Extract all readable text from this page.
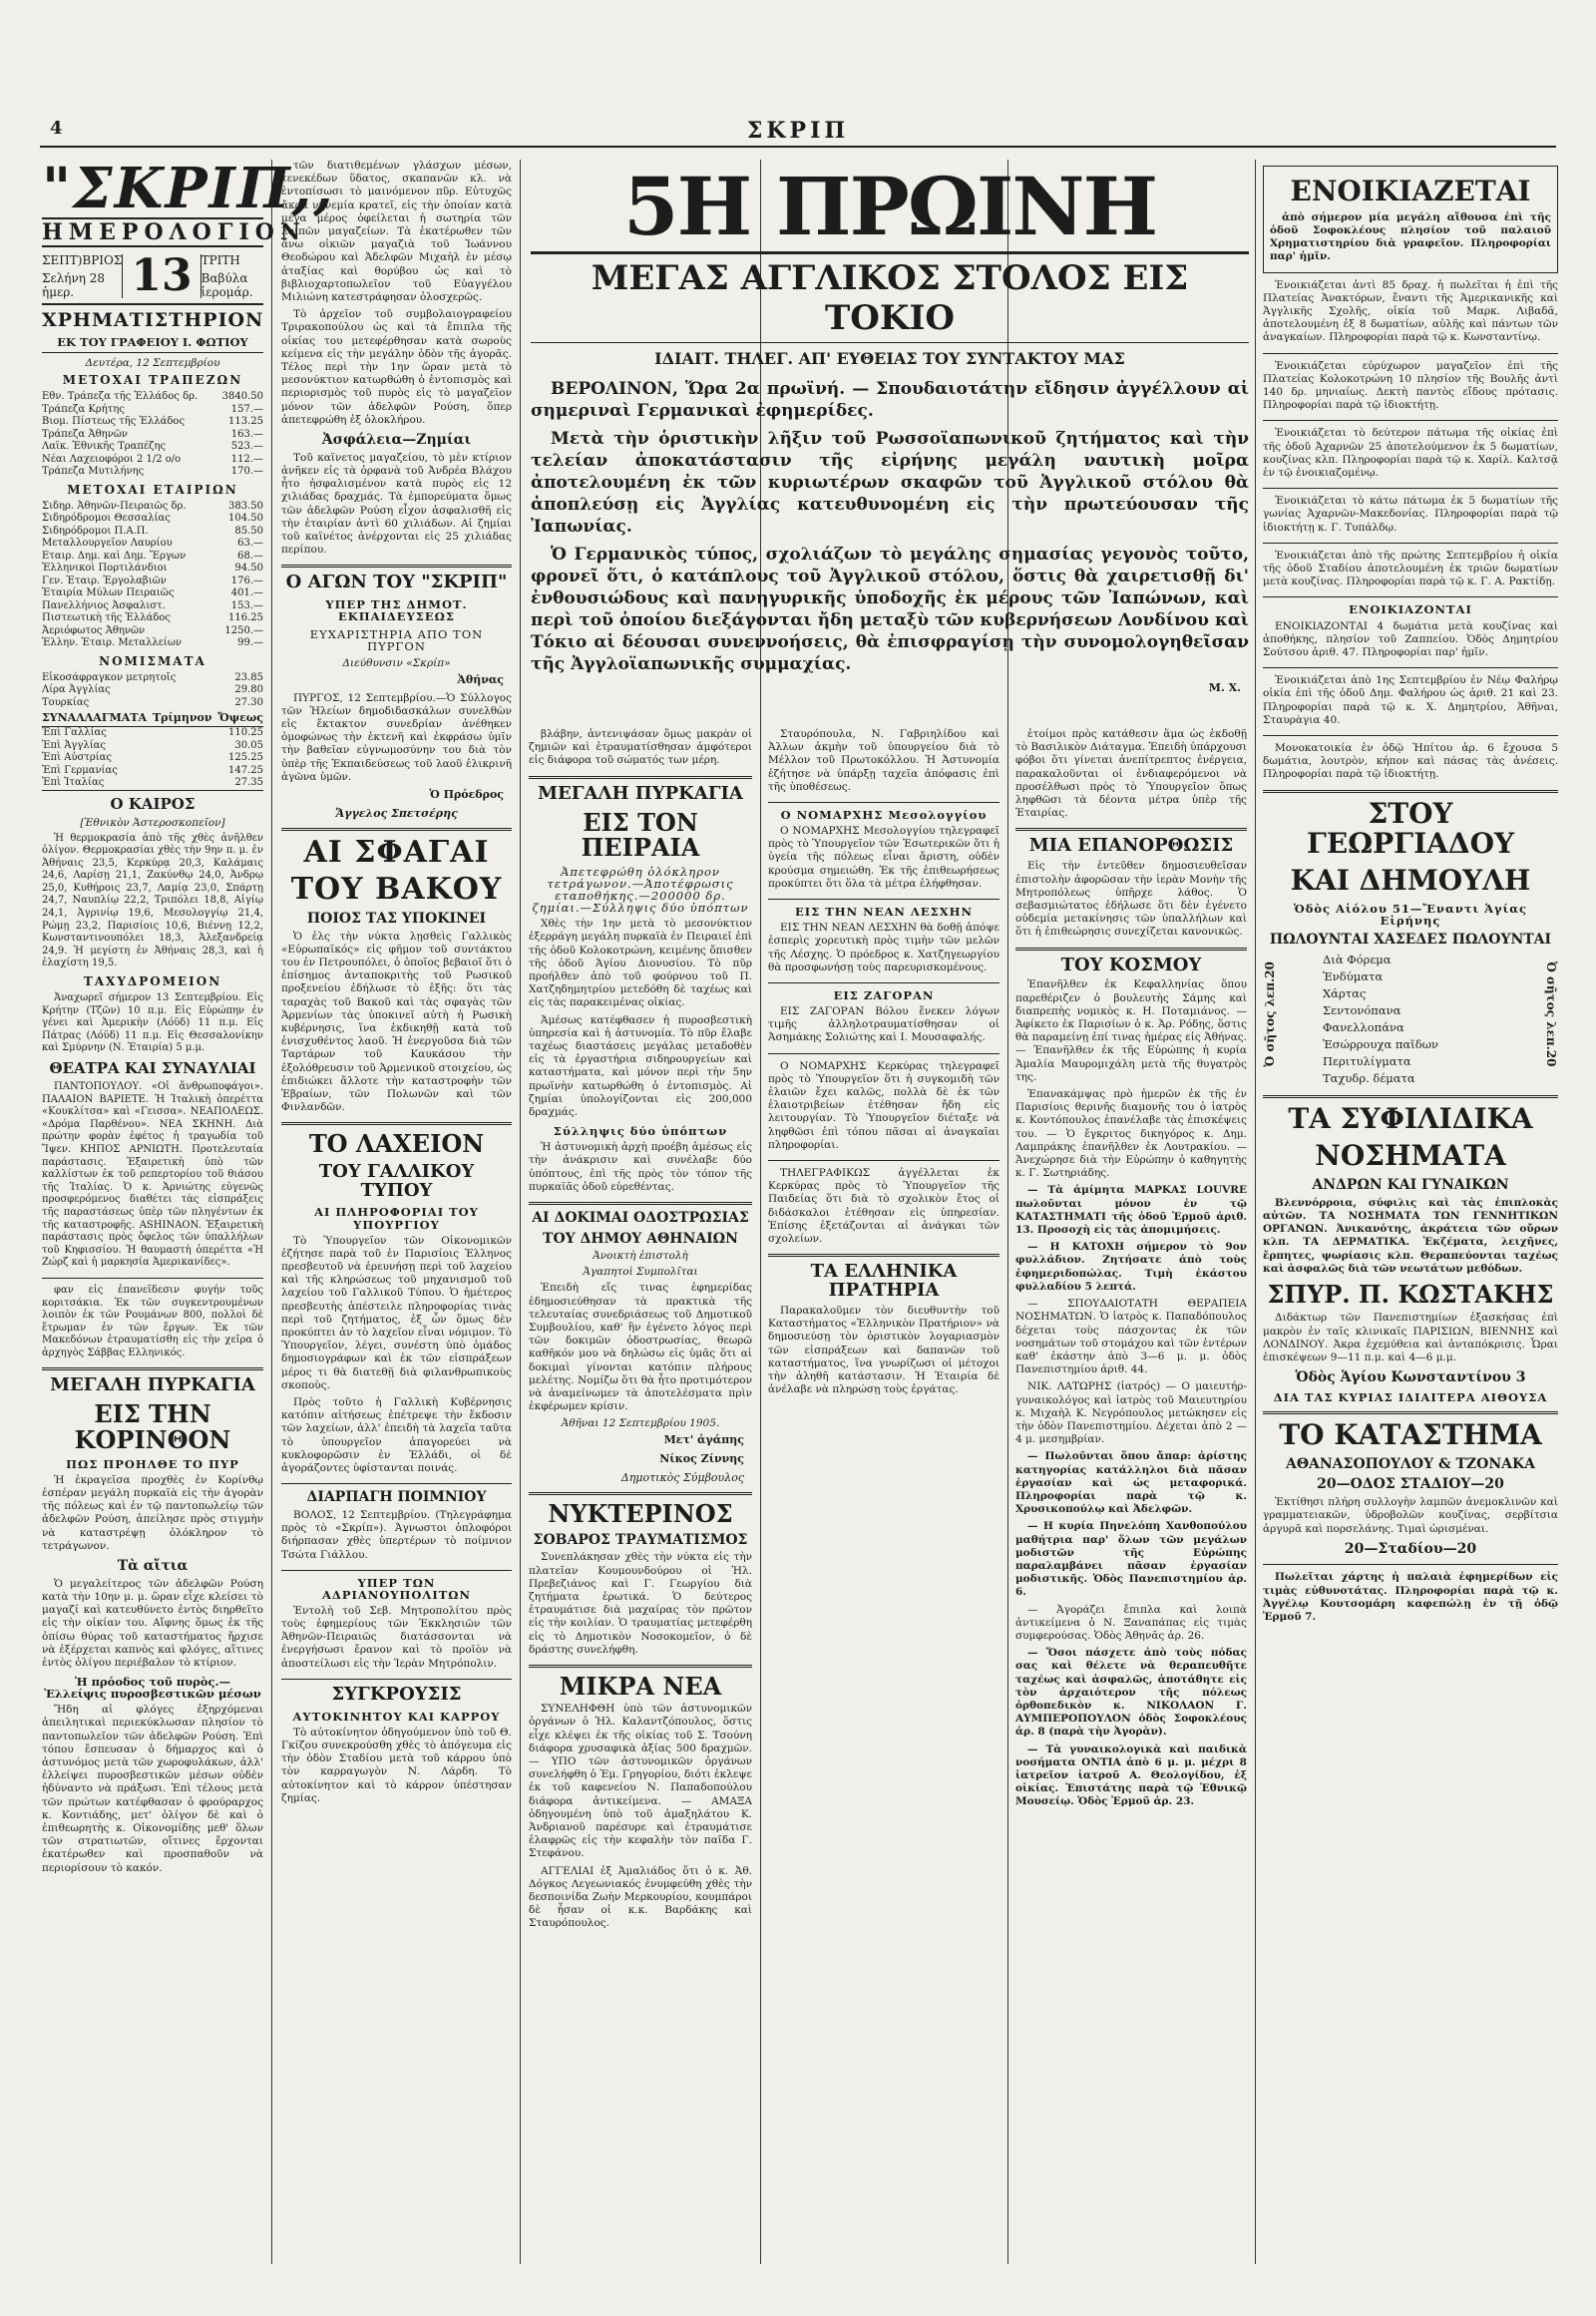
4	ΣΚΡΙΠ
"ΣΚΡΙΠ,,
ΗΜΕΡΟΛΟΓΙΟΝ
ΣΕΠΤ)ΒΡΙΟΣ
Σελήνη 28 ἡμερ.	13 ΤΡΙΤΗ
Βαβύλα ἱερομάρ.
ΧΡΗΜΑΤΙΣΤΗΡΙΟΝ
ΕΚ ΤΟΥ ΓΡΑΦΕΙΟΥ Ι. ΦΩΤΙΟΥ
Δευτέρα, 12 Σεπτεμβρίου
ΜΕΤΟΧΑΙ ΤΡΑΠΕΖΩΝ
Εθν. Τράπεζα τῆς Ἑλλάδος δρ.	3840.50
Τράπεζα Κρήτης	157.—
Βιομ. Πίστεως τῆς Ἑλλάδος	113.25
Τράπεζα Ἀθηνῶν	163.—
Λαϊκ. Ἐθνικῆς Τραπέζης	523.—
Νέαι Λαχειοφόροι 2 1/2 ο/ο	112.—
Τράπεζα Μυτιλήνης	170.—
ΜΕΤΟΧΑΙ ΕΤΑΙΡΙΩΝ
Σιδηρ. Ἀθηνῶν-Πειραιῶς δρ.	383.50
Σιδηρόδρομοι Θεσσαλίας	104.50
Σιδηρόδρομοι Π.Α.Π.	85.50
Μεταλλουργεῖον Λαυρίου	63.—
Εταιρ. Δημ. καὶ Δημ. Ἔργων	68.—
Ἑλληνικοὶ Πορτιλάνδιοι	94.50
Γεν. Ἑταιρ. Ἐργολαβιῶν	176.—
Ἑταιρία Μύλων Πειραιῶς	401.—
Πανελλήνιος Ἀσφαλιστ.	153.—
Πιστεωτικὴ τῆς Ἑλλάδος	116.25
Ἀεριόφωτος Ἀθηνῶν	1250.—
Ἑλλην. Ἑταιρ. Μεταλλείων	99.—
ΝΟΜΙΣΜΑΤΑ
Εἰκοσάφραγκον μετρητοῖς	23.85
Λίρα Ἀγγλίας	29.80
Τουρκίας	27.30
ΣΥΝΑΛΛΑΓΜΑΤΑ Τρίμηνον Ὄψεως
Ἐπὶ Γαλλίας	110.25
Ἐπὶ Ἀγγλίας	30.05
Ἐπὶ Αὐστρίας	125.25
Ἐπὶ Γερμανίας	147.25
Ἐπὶ Ἰταλίας	27.35
Ο ΚΑΙΡΟΣ
[Ἐθνικὸν Ἀστεροσκοπεῖον]

Ἡ θερμοκρασία ἀπὸ τῆς χθὲς ἀνῆλθεν ὀλίγον. Θερμοκρασίαι χθὲς τὴν 9ην π. μ. ἐν Ἀθήναις 23,5, Κερκύρᾳ 20,3, Καλάμαις 24,6, Λαρίσῃ 21,1, Ζακύνθῳ 24,0, Ἀνδρῳ 25,0, Κυθήροις 23,7, Λαμίᾳ 23,0, Σπάρτῃ 24,7, Ναυπλίῳ 22,2, Τριπόλει 18,8, Αἰγίῳ 24,1, Ἀγρινίῳ 19,6, Μεσολογγίῳ 21,4, Ρώμῃ 23,2, Παρισίοις 10,6, Βιέννῃ 12,2, Κωνσταντινουπόλει 18,3, Ἀλεξανδρείᾳ 24,9. Ἡ μεγίστη ἐν Ἀθήναις 28,3, καὶ ἡ ἐλαχίστη 19,5.

ΤΑΧΥΔΡΟΜΕΙΟΝ

Ἀναχωρεῖ σήμερον 13 Σεπτεμβρίου. Εἰς Κρήτην (Τζῶν) 10 π.μ. Εἰς Εὐρώπην ἐν γένει καὶ Ἀμερικὴν (Λόϋδ) 11 π.μ. Εἰς Πάτρας (Λόϋδ) 11 π.μ. Εἰς Θεσσαλονίκην καὶ Σμύρνην (Ν. Ἐταιρία) 5 μ.μ.

ΘΕΑΤΡΑ ΚΑΙ ΣΥΝΑΥΛΙΑΙ

ΠΑΝΤΟΠΟΥΛΟΥ. «Οἱ ἄνθρωποφάγοι». ΠΑΛΑΙΟΝ ΒΑΡΙΕΤΕ. Ἡ Ἰταλικὴ ὀπερέττα «Κουκλίτσα» καὶ «Γεισσα». ΝΕΑΠΟΛΕΩΣ. «Δρόμα Παρθένου». ΝΕΑ ΣΚΗΝΗ. Διὰ πρώτην φορὰν ἐφέτος ἡ τραγωδία τοῦ Ἴψεν. ΚΗΠΟΣ ΑΡΝΙΩΤΗ. Προτελευταία παράστασις. Ἐξαιρετικὴ ὑπὸ τῶν καλλίστων ἐκ τοῦ ρεπερτορίου τοῦ θιάσου τῆς Ἰταλίας. Ὁ κ. Ἀρνιώτης εὐγενῶς προσφερόμενος διαθέτει τὰς εἰσπράξεις τῆς παραστάσεως ὑπὲρ τῶν πληγέντων ἐκ τῆς καταστροφῆς. ASHINAON. Ἐξαιρετικὴ παράστασις πρὸς ὄφελος τῶν ὑπαλλήλων τοῦ Κηφισσίου. Ἡ θαυμαστὴ ὀπερέττα «Ἡ Ζώρζ καὶ ἡ μαρκησία Ἀμερικανίδες».

φαν εἰς ἐπανεῖδεσιν φυγήν τοῦς κοριτσάκια. Ἐκ τῶν συγκεντρουμένων λοιπὸν ἐκ τῶν Ρουμάνων 800, πολλοὶ δὲ ἔτρωμαν ἐν τῶν ἔργων. Ἐκ τῶν Μακεδόνων ἐτραυματίσθη εἰς τὴν χεῖρα ὁ ἀρχηγὸς Σάββας Ελληνικός.

ΜΕΓΑΛΗ ΠΥΡΚΑΓΙΑ
ΕΙΣ ΤΗΝ ΚΟΡΙΝΘΟΝ
ΠΩΣ ΠΡΟΗΛΘΕ ΤΟ ΠΥΡ

Ἡ ἐκραγεῖσα προχθὲς ἐν Κορίνθῳ ἐσπέραν μεγάλη πυρκαϊὰ εἰς τὴν ἀγορὰν τῆς πόλεως καὶ ἐν τῷ παντοπωλείῳ τῶν ἀδελφῶν Ρούση, ἀπείλησε πρὸς στιγμὴν νὰ καταστρέψῃ ὁλόκληρον τὸ τετράγωνον.

Τὰ αἴτια

Ὁ μεγαλείτερος τῶν ἀδελφῶν Ρούση κατὰ τὴν 10ην μ. μ. ὥραν εἶχε κλείσει τὸ μαγαζί καὶ κατευθύνετο ἐντὸς διηρθεῖτο εἰς τὴν οἰκίαν του. Αἴφνης ὅμως ἐκ τῆς ὀπίσω θύρας τοῦ καταστήματος ἤρχισε νὰ ἐξέρχεται καπνὸς καὶ φλόγες, αἵτινες ἐντὸς ὀλίγου περιέβαλον τὸ κτίριον.

Ἡ πρόοδος τοῦ πυρὸς.— Ἐλλείψις πυροσβεστικῶν μέσων

Ἤδη αἱ φλόγες ἐξηρχόμεναι ἀπειλητικαὶ περιεκύκλωσαν πλησίον τὸ παντοπωλεῖον τῶν ἀδελφῶν Ρούση. Ἐπὶ τόπου ἔσπευσαν ὁ δήμαρχος καὶ ὁ ἀστυνόμος μετὰ τῶν χωροφυλάκων, ἀλλ' ἐλλείψει πυροσβεστικῶν μέσων οὐδὲν ἠδύναντο νὰ πράξωσι. Ἐπὶ τέλους μετὰ τῶν πρώτων κατέφθασαν ὁ φρούραρχος κ. Κοντιάδης, μετ' ὀλίγον δὲ καὶ ὁ ἐπιθεωρητὴς κ. Οἰκονομίδης μεθ' ὅλων τῶν στρατιωτῶν, οἵτινες ἔρχονται ἑκατέρωθεν καὶ προσπαθοῦν νὰ περιορίσουν τὸ κακόν.

τῶν διατιθεμένων γλάσχων μέσων, τενεκέδων ὕδατος, σκαπανῶν κλ. νὰ ἐντοπίσωσι τὸ μαινόμενον πῦρ. Εὐτυχῶς ἄκρα νηνεμία κρατεῖ, εἰς τὴν ὁποίαν κατὰ μέγα μέρος ὀφείλεται ἡ σωτηρία τῶν λοιπῶν μαγαζείων. Τὰ ἑκατέρωθεν τῶν ἄνω οἰκιῶν μαγαζιὰ τοῦ Ἰωάννου Θεοδώρου καὶ Ἀδελφῶν Μιχαὴλ ἐν μέσῳ ἀταξίας καὶ θορύβου ὡς καὶ τὸ βιβλιοχαρτοπωλεῖον τοῦ Εὐαγγέλου Μιλιώνη κατεστράφησαν ὁλοσχερῶς.

Τὸ ἀρχεῖον τοῦ συμβολαιογραφείου Τριρακοπούλου ὡς καὶ τὰ ἔπιπλα τῆς οἰκίας του μετεφέρθησαν κατὰ σωροὺς κείμενα εἰς τὴν μεγάλην ὁδὸν τῆς ἀγορᾶς. Τέλος περὶ τὴν 1ην ὥραν μετὰ τὸ μεσονύκτιον κατωρθώθη ὁ ἐντοπισμὸς καὶ περιορισμὸς τοῦ πυρὸς εἰς τὸ μαγαζεῖον μόνον τῶν ἀδελφῶν Ρούση, ὅπερ ἀπετεφρώθη ἐξ ὁλοκλήρου.

Ἀσφάλεια—Ζημίαι

Τοῦ καϊνετος μαγαζείου, τὸ μὲν κτίριον ἀνῆκεν εἰς τὰ ὀρφανὰ τοῦ Ἀνδρέα Βλάχου ἦτο ἠσφαλισμένον κατὰ πυρὸς εἰς 12 χιλιάδας δραχμάς. Τὰ ἐμπορεύματα ὅμως τῶν ἀδελφῶν Ρούση εἶχον ἀσφαλισθῆ εἰς τὴν ἑταιρίαν ἀντὶ 60 χιλιάδων. Αἱ ζημίαι τοῦ καϊνέτος ἀνέρχονται εἰς 25 χιλιάδας περίπου.

Ο ΑΓΩΝ ΤΟΥ "ΣΚΡΙΠ"
ΥΠΕΡ ΤΗΣ ΔΗΜΟΤ. ΕΚΠΑΙΔΕΥΣΕΩΣ
ΕΥΧΑΡΙΣΤΗΡΙΑ ΑΠΟ ΤΟΝ ΠΥΡΓΟΝ
Διεύθυνσιν «Σκρίπ»
Ἀθήνας

ΠΥΡΓΟΣ, 12 Σεπτεμβρίου.—Ὁ Σύλλογος τῶν Ἠλείων δημοδιδασκάλων συνελθὼν εἰς ἔκτακτον συνεδρίαν ἀνέθηκεν ὁμοφώνως τὴν ἐκτενῆ καὶ ἐκφράσω ὑμῖν τὴν βαθεῖαν εὐγνωμοσύνην του διὰ τὸν ὑπὲρ τῆς Ἐκπαιδεύσεως τοῦ λαοῦ ἐλικρινῆ ἀγῶνα ὑμῶν.

Ὁ Πρόεδρος
Ἄγγελος Σπετσέρης
ΑΙ ΣΦΑΓΑΙ
ΤΟΥ ΒΑΚΟΥ
ΠΟΙΟΣ ΤΑΣ ΥΠΟΚΙΝΕΙ

Ὁ ἐλς τὴν νύκτα λῃσθεὶς Γαλλικὸς «Εὐρωπαϊκός» εἰς φῆμον τοῦ συντάκτου του ἐν Πετρουπόλει, ὁ ὁποῖος βεβαιοῖ ὅτι ὁ ἐπίσημος ἀνταποκριτὴς τοῦ Ρωσικοῦ προξενείου ἐδήλωσε τὸ ἑξῆς: ὅτι τὰς ταραχὰς τοῦ Βακοῦ καὶ τὰς σφαγὰς τῶν Ἀρμενίων τὰς ὑποκινεῖ αὐτὴ ἡ Ρωσικὴ κυβέρνησις, ἵνα ἐκδικηθῇ κατὰ τοῦ ἐνισχυθέντος λαοῦ. Ἡ ἐνεργοῦσα διὰ τῶν Ταρτάρων τοῦ Καυκάσου τὴν ἐξολόθρευσιν τοῦ Ἀρμενικοῦ στοιχείου, ὡς ἐπιδιώκει ἄλλοτε τὴν καταστροφὴν τῶν Ἑβραίων, τῶν Πολωνῶν καὶ τῶν Φινλανδῶν.

ΤΟ ΛΑΧΕΙΟΝ
ΤΟΥ ΓΑΛΛΙΚΟΥ ΤΥΠΟΥ
ΑΙ ΠΛΗΡΟΦΟΡΙΑΙ ΤΟΥ ΥΠΟΥΡΓΙΟΥ

Τὸ Ὑπουργεῖον τῶν Οἰκονομικῶν ἐζήτησε παρὰ τοῦ ἐν Παρισίοις Ἑλληνος πρεσβευτοῦ νὰ ἐρευνήσῃ περὶ τοῦ λαχείου καὶ τῆς κληρώσεως τοῦ μηχανισμοῦ τοῦ λαχείου τοῦ Γαλλικοῦ Τύπου. Ὁ ἡμέτερος πρεσβευτὴς ἀπέστειλε πληροφορίας τινὰς περὶ τοῦ ζητήματος, ἐξ ὧν ὅμως δὲν προκύπτει ἀν τὸ λαχεῖον εἶναι νόμιμον. Τὸ Ὑπουργεῖον, λέγει, συνέστη ὑπὸ ὁμάδος δημοσιογράφων καὶ ἐκ τῶν εἰσπράξεων μέρος τι θὰ διατεθῇ διὰ φιλανθρωπικοὺς σκοποὺς.

Πρὸς τοῦτο ἡ Γαλλικὴ Κυβέρνησις κατόπιν αἰτήσεως ἐπέτρεψε τὴν ἔκδοσιν τῶν λαχείων, ἀλλ' ἐπειδὴ τὰ λαχεῖα ταῦτα τὸ ὑπουργεῖον ἀπαγορεύει νὰ κυκλοφορῶσιν ἐν Ἑλλάδι, οἱ δὲ ἀγοράζοντες ὑφίστανται ποινάς.

ΔΙΑΡΠΑΓΗ ΠΟΙΜΝΙΟΥ

ΒΟΛΟΣ, 12 Σεπτεμβρίου. (Τηλεγράφημα πρὸς τὸ «Σκρίπ»). Ἀγνωστοι ὁπλοφόροι διήρπασαν χθὲς ὑπερτέρων τὸ ποίμνιον Τσώτα Γιάλλου.

ΥΠΕΡ ΤΩΝ ΑΔΡΙΑΝΟΥΠΟΛΙΤΩΝ

Ἐντολὴ τοῦ Σεβ. Μητροπολίτου πρὸς τοὺς ἐφημερίους τῶν Ἐκκλησιῶν τῶν Ἀθηνῶν-Πειραιῶς διατάσσονται νὰ ἐνεργήσωσι ἔρανον καὶ τὸ προϊὸν νὰ ἀποστείλωσι εἰς τὴν Ἱερὰν Μητρόπολιν.

ΣΥΓΚΡΟΥΣΙΣ
ΑΥΤΟΚΙΝΗΤΟΥ ΚΑΙ ΚΑΡΡΟΥ

Τὸ αὐτοκίνητον ὁδηγούμενον ὑπὸ τοῦ Θ. Γκίζου συνεκρούσθη χθὲς τὸ ἀπόγευμα εἰς τὴν ὁδὸν Σταδίου μετὰ τοῦ κάρρου ὑπὸ τὸν καρραγωγὸν Ν. Λάρδη. Τὸ αὐτοκίνητον καὶ τὸ κάρρον ὑπέστησαν ζημίας.

5Η ΠΡΩΙΝΗ
ΜΕΓΑΣ ΑΓΓΛΙΚΟΣ ΣΤΟΛΟΣ ΕΙΣ ΤΟΚΙΟ
ΙΔΙΑΙΤ. ΤΗΛΕΓ. ΑΠ' ΕΥΘΕΙΑΣ ΤΟΥ ΣΥΝΤΑΚΤΟΥ ΜΑΣ

ΒΕΡΟΛΙΝΟΝ, Ὥρα 2α πρωϊνή. — Σπουδαιοτάτην εἴδησιν ἀγγέλλουν αἱ σημεριναὶ Γερμανικαὶ ἐφημερίδες.

Μετὰ τὴν ὁριστικὴν λῆξιν τοῦ Ρωσσοϊαπωνικοῦ ζητήματος καὶ τὴν τελείαν ἀποκατάστασιν τῆς εἰρήνης μεγάλη ναυτικὴ μοῖρα ἀποτελουμένη ἐκ τῶν κυριωτέρων σκαφῶν τοῦ Ἀγγλικοῦ στόλου θὰ ἀποπλεύσῃ εἰς Ἀγγλίας κατευθυνομένη εἰς τὴν πρωτεύουσαν τῆς Ἰαπωνίας.

Ὁ Γερμανικὸς τύπος, σχολιάζων τὸ μεγάλης σημασίας γεγονὸς τοῦτο, φρονεῖ ὅτι, ὁ κατάπλους τοῦ Ἀγγλικοῦ στόλου, ὅστις θὰ χαιρετισθῇ δι' ἐνθουσιώδους καὶ πανηγυρικῆς ὑποδοχῆς ἐκ μέρους τῶν Ἰαπώνων, καὶ περὶ τοῦ ὁποίου διεξάγονται ἤδη μεταξὺ τῶν κυβερνήσεων Λονδίνου καὶ Τόκιο αἱ δέουσαι συνεννοήσεις, θὰ ἐπισφραγίσῃ τὴν συνομολογηθεῖσαν τῆς Ἀγγλοϊαπωνικῆς συμμαχίας.

Μ. Χ.

βλάβην, ἀντενιψάσαν ὅμως μακρὰν οἱ ζημιῶν καὶ ἐτραυματίσθησαν ἀμφότεροι εἰς διάφορα τοῦ σώματός των μέρη.

ΜΕΓΑΛΗ ΠΥΡΚΑΓΙΑ
ΕΙΣ ΤΟΝ ΠΕΙΡΑΙΑ
Ἀπετεφρώθη ὁλόκληρον τετράγωνον.—Ἀποτέφρωσις εταποθήκης.—200000 δρ. ζημίαι.—Σύλληψις δύο ὑπόπτων

Χθὲς τὴν 1ην μετὰ τὸ μεσονύκτιον ἐξερράγη μεγάλη πυρκαϊὰ ἐν Πειραιεῖ ἐπὶ τῆς ὁδοῦ Κολοκοτρώνη, κειμένης ὄπισθεν τῆς ὁδοῦ Ἁγίου Διονυσίου. Τὸ πῦρ προήλθεν ἀπὸ τοῦ φούρνου τοῦ Π. Χατζηδημητρίου μετεδόθη δὲ ταχέως καὶ εἰς τὰς παρακειμένας οἰκίας.

Ἀμέσως κατέφθασεν ἡ πυροσβεστικὴ ὑπηρεσία καὶ ἡ ἀστυνομία. Τὸ πῦρ ἔλαβε ταχέως διαστάσεις μεγάλας μεταδοθὲν εἰς τὰ ἐργαστήρια σιδηρουργείων καὶ καταστήματα, καὶ μόνον περὶ τὴν 5ην πρωϊνὴν κατωρθώθη ὁ ἐντοπισμὸς. Αἱ ζημίαι ὑπολογίζονται εἰς 200,000 δραχμάς.

Σύλληψις δύο ὑπόπτων

Ἡ ἀστυνομικὴ ἀρχὴ προέβη ἀμέσως εἰς τὴν ἀνάκρισιν καὶ συνέλαβε δύο ὑπόπτους, ἐπὶ τῆς πρὸς τὸν τόπον τῆς πυρκαϊᾶς ὁδοῦ εὑρεθέντας.

ΑΙ ΔΟΚΙΜΑΙ ΟΔΟΣΤΡΩΣΙΑΣ
ΤΟΥ ΔΗΜΟΥ ΑΘΗΝΑΙΩΝ
Ἀνοικτὴ ἐπιστολὴ
Ἀγαπητοὶ Συμπολῖται

Ἐπειδὴ εἴς τινας ἐφημερίδας ἐδημοσιεύθησαν τὰ πρακτικὰ τῆς τελευταίας συνεδριάσεως τοῦ Δημοτικοῦ Συμβουλίου, καθ' ἣν ἐγένετο λόγος περὶ τῶν δοκιμῶν ὁδοστρωσίας, θεωρῶ καθῆκόν μου νὰ δηλώσω εἰς ὑμᾶς ὅτι αἱ δοκιμαὶ γίνονται κατόπιν πλήρους μελέτης. Νομίζω ὅτι θὰ ἦτο προτιμότερον νὰ ἀναμείνωμεν τὰ ἀποτελέσματα πρὶν ἐκφέρωμεν κρίσιν.

Ἀθῆναι 12 Σεπτεμβρίου 1905.
Μετ' ἀγάπης
Νίκος Ζίννης
Δημοτικὸς Σύμβουλος
ΝΥΚΤΕΡΙΝΟΣ
ΣΟΒΑΡΟΣ ΤΡΑΥΜΑΤΙΣΜΟΣ

Συνεπλάκησαν χθὲς τὴν νύκτα εἰς τὴν πλατεῖαν Κουμουνδούρου οἱ Ἠλ. Πρεβεζιάνος καὶ Γ. Γεωργίου διὰ ζητήματα ἐρωτικά. Ὁ δεύτερος ἐτραυμάτισε διὰ μαχαίρας τὸν πρῶτον εἰς τὴν κοιλίαν. Ὁ τραυματίας μετεφέρθη εἰς τὸ Δημοτικὸν Νοσοκομεῖον, ὁ δὲ δράστης συνελήφθη.

ΜΙΚΡΑ ΝΕΑ

ΣΥΝΕΛΗΦΘΗ ὑπὸ τῶν ἀστυνομικῶν ὀργάνων ὁ Ἠλ. Καλαντζόπουλος, ὅστις εἶχε κλέψει ἐκ τῆς οἰκίας τοῦ Σ. Τσούνη διάφορα χρυσαφικὰ ἀξίας 500 δραχμῶν. — ΥΠΟ τῶν ἀστυνομικῶν ὀργάνων συνελήφθη ὁ Ἐμ. Γρηγορίου, διότι ἐκλεψε ἐκ τοῦ καφενείου Ν. Παπαδοπούλου διάφορα ἀντικείμενα. — ΑΜΑΞΑ ὁδηγουμένη ὑπὸ τοῦ ἁμαξηλάτου Κ. Ἀνδριανοῦ παρέσυρε καὶ ἐτραυμάτισε ἐλαφρῶς εἰς τὴν κεφαλὴν τὸν παῖδα Γ. Στεφάνου.

ΑΓΓΕΛΙΑΙ ἐξ Ἀμαλιάδος ὅτι ὁ κ. Ἀθ. Δόγκος Λεγεωνιακός ἐνυμφεύθη χθὲς τὴν δεσποινίδα Ζωὴν Μερκουρίου, κουμπάροι δὲ ἦσαν οἱ κ.κ. Βαρδάκης καὶ Σταυρόπουλος.

Σταυρόπουλα, Ν. Γαβριηλίδου καὶ Ἀλλων ἀκμὴν τοῦ ὑπουργείου διὰ τὸ Μέλλον τοῦ Πρωτοκόλλου. Ἡ Ἀστυνομία ἐζήτησε νὰ ὑπάρξῃ ταχεῖα ἀπόφασις ἐπὶ τῆς ὑποθέσεως.

Ο ΝΟΜΑΡΧΗΣ Μεσολογγίου

Ο ΝΟΜΑΡΧΗΣ Μεσολογγίου τηλεγραφεῖ πρὸς τὸ Ὑπουργεῖον τῶν Ἐσωτερικῶν ὅτι ἡ ὑγεία τῆς πόλεως εἶναι ἄριστη, οὐδὲν κρούσμα σημειώθη. Ἐκ τῆς ἐπιθεωρήσεως προκύπτει ὅτι ὅλα τὰ μέτρα ἐλήφθησαν.

ΕΙΣ ΤΗΝ ΝΕΑΝ ΛΕΣΧΗΝ

ΕΙΣ ΤΗΝ ΝΕΑΝ ΛΕΣΧΗΝ θὰ δοθῇ ἀπόψε ἐσπερὶς χορευτικὴ πρὸς τιμὴν τῶν μελῶν τῆς Λέσχης. Ὁ πρόεδρος κ. Χατζηγεωργίου θὰ προσφωνήσῃ τοὺς παρευρισκομένους.

ΕΙΣ ΖΑΓΟΡΑΝ

ΕΙΣ ΖΑΓΟΡΑΝ Βόλου ἕνεκεν λόγων τιμῆς ἀλληλοτραυματίσθησαν οἱ Ἀσημάκης Σολιώτης καὶ Ι. Μουσαφαλής.

Ο ΝΟΜΑΡΧΗΣ Κερκύρας τηλεγραφεῖ πρὸς τὸ Ὑπουργεῖον ὅτι ἡ συγκομιδὴ τῶν ἐλαιῶν ἔχει καλῶς, πολλὰ δὲ ἐκ τῶν ἐλαιοτριβείων ἐτέθησαν ἤδη εἰς λειτουργίαν. Τὸ Ὑπουργεῖον διέταξε νὰ ληφθῶσι ἐπὶ τόπου πᾶσαι αἱ ἀναγκαῖαι πληροφορίαι.

ΤΗΛΕΓΡΑΦΙΚΩΣ ἀγγέλλεται ἐκ Κερκύρας πρὸς τὸ Ὑπουργεῖον τῆς Παιδείας ὅτι διὰ τὸ σχολικὸν ἔτος οἱ διδάσκαλοι ἐτέθησαν εἰς ὑπηρεσίαν. Ἐπίσης ἐξετάζονται αἱ ἀνάγκαι τῶν σχολείων.

ΤΑ ΕΛΛΗΝΙΚΑ ΠΡΑΤΗΡΙΑ

Παρακαλοῦμεν τὸν διευθυντὴν τοῦ Καταστήματος «Ἑλληνικὸν Πρατήριον» νὰ δημοσιεύσῃ τὸν ὁριστικὸν λογαριασμὸν τῶν εἰσπράξεων καὶ δαπανῶν τοῦ καταστήματος, ἵνα γνωρίζωσι οἱ μέτοχοι τὴν ἀληθῆ κατάστασιν. Ἡ Ἐταιρία δὲ ἀνέλαβε νὰ πληρώσῃ τοὺς ἐργάτας.

ἑτοίμοι πρὸς κατάθεσιν ἅμα ὡς ἐκδοθῇ τὸ Βασιλικὸν Διάταγμα. Ἐπειδὴ ὑπάρχουσι φόβοι ὅτι γίνεται ἀνεπίτρεπτος ἐνέργεια, παρακαλοῦνται οἱ ἐνδιαφερόμενοι νὰ προσέλθωσι πρὸς τὸ Ὑπουργεῖον ὅπως ληφθῶσι τὰ δέοντα μέτρα ὑπὲρ τῆς Ἐταιρίας.

ΜΙΑ ΕΠΑΝΟΡΘΩΣΙΣ

Εἰς τὴν ἐντεῦθεν δημοσιευθεῖσαν ἐπιστολὴν ἀφορῶσαν τὴν ἱερὰν Μονὴν τῆς Μητροπόλεως ὑπῆρχε λάθος. Ὁ σεβασμιώτατος ἐδήλωσε ὅτι δὲν ἐγένετο οὐδεμία μετακίνησις τῶν ὑπαλλήλων καὶ ὅτι ἡ ἐπιθεώρησις συνεχίζεται κανονικῶς.

ΤΟΥ ΚΟΣΜΟΥ

Ἐπανῆλθεν ἐκ Κεφαλληνίας ὅπου παρεθέριζεν ὁ βουλευτὴς Σάμης καὶ διαπρεπὴς νομικὸς κ. Η. Ποταμιάνος. — Ἀφίκετο ἐκ Παρισίων ὁ κ. Ἀρ. Ρόδης, ὅστις θὰ παραμείνῃ ἐπί τινας ἡμέρας εἰς Ἀθήνας. — Ἐπανῆλθεν ἐκ τῆς Εὐρώπης ἡ κυρία Ἀμαλία Μαυρομιχάλη μετὰ τῆς θυγατρὸς της.

Ἐπανακάμψας πρὸ ἡμερῶν ἐκ τῆς ἐν Παρισίοις θερινῆς διαμονῆς του ὁ ἰατρὸς κ. Κοντόπουλος ἐπανέλαβε τὰς ἐπισκέψεις του. — Ὁ ἔγκριτος δικηγόρος κ. Δημ. Λαμπράκης ἐπανῆλθεν ἐκ Λουτρακίου. — Ἀνεχώρησε διὰ τὴν Εὐρώπην ὁ καθηγητὴς κ. Γ. Σωτηριάδης.

— Τὰ ἀμίμητα ΜΑΡΚΑΣ LOUVRE πωλοῦνται μόνον ἐν τῷ ΚΑΤΑΣΤΗΜΑΤΙ τῆς ὁδοῦ Ἑρμοῦ ἀριθ. 13. Προσοχὴ εἰς τὰς ἀπομιμήσεις.

— Η ΚΑΤΟΧΗ σήμερον τὸ 9ον φυλλάδιον. Ζητήσατε ἀπὸ τοὺς ἐφημεριδοπώλας. Τιμὴ ἑκάστου φυλλαδίου 5 λεπτά.

— ΣΠΟΥΔΑΙΟΤΑΤΗ ΘΕΡΑΠΕΙΑ ΝΟΣΗΜΑΤΩΝ. Ὁ ἰατρὸς κ. Παπαδόπουλος δέχεται τοὺς πάσχοντας ἐκ τῶν νοσημάτων τοῦ στομάχου καὶ τῶν ἐντέρων καθ' ἑκάστην ἀπὸ 3—6 μ. μ. ὁδὸς Πανεπιστημίου ἀριθ. 44.

ΝΙΚ. ΛΑΤΩΡΗΣ (ἰατρός) — Ο μαιευτήρ-γυναικολόγος καὶ ἰατρὸς τοῦ Μαιευτηρίου κ. Μιχαὴλ Κ. Νεγρόπουλος μετώκησεν εἰς τὴν ὁδὸν Πανεπιστημίου. Δέχεται ἀπὸ 2 — 4 μ. μεσημβρίαν.

— Πωλοῦνται ὅπου ἄπαρ: ἀρίστης κατηγορίας κατάλληλοι διὰ πᾶσαν ἐργασίαν καὶ ὡς μεταφορικά. Πληροφορίαι παρὰ τῷ κ. Χρυσικοπούλῳ καὶ Ἀδελφῶν.

— Η κυρία Πηνελόπη Χανθοπούλου μαθήτρια παρ' ὅλων τῶν μεγάλων μοδιστῶν τῆς Εὐρώπης παραλαμβάνει πᾶσαν ἐργασίαν μοδιστικῆς. Ὁδὸς Πανεπιστημίου ἀρ. 6.

— Ἀγοράζει ἔπιπλα καὶ λοιπὰ ἀντικείμενα ὁ Ν. Ξαναπάπας εἰς τιμὰς συμφερούσας. Ὁδὸς Ἀθηνᾶς ἀρ. 26.

— Ὅσοι πάσχετε ἀπὸ τοὺς πόδας σας καὶ θέλετε νὰ θεραπευθῆτε ταχέως καὶ ἀσφαλῶς, ἀποτάθητε εἰς τὸν ἀρχαιότερον τῆς πόλεως ὀρθοπεδικὸν κ. ΝΙΚΟΛΑΟΝ Γ. ΑΥΜΠΕΡΟΠΟΥΛΟΝ ὁδὸς Σοφοκλέους ἀρ. 8 (παρὰ τὴν Ἀγορὰν).

— Τὰ γυναικολογικὰ καὶ παιδικὰ νοσήματα ΟΝΤΙΑ ἀπὸ 6 μ. μ. μέχρι 8 ἰατρεῖον ἰατροῦ Α. Θεολογίδου, ἐξ οἰκίας. Ἐπιστάτης παρὰ τῷ Ἐθνικῷ Μουσείῳ. Ὁδὸς Ἑρμοῦ ἀρ. 23.

ΕΝΟΙΚΙΑΖΕΤΑΙ

ἀπὸ σήμερον μία μεγάλη αἴθουσα ἐπὶ τῆς ὁδοῦ Σοφοκλέους πλησίον τοῦ παλαιοῦ Χρηματιστηρίου διὰ γραφεῖον. Πληροφορίαι παρ' ἡμῖν.

Ἐνοικιάζεται ἀντὶ 85 δραχ. ἡ πωλεῖται ἡ ἐπὶ τῆς Πλατείας Ἀνακτόρων, ἔναντι τῆς Ἀμερικανικῆς καὶ Ἀγγλικῆς Σχολῆς, οἰκία τοῦ Μαρκ. Λιβαδᾶ, ἀποτελουμένη ἐξ 8 δωματίων, αὐλῆς καὶ πάντων τῶν ἀναγκαίων. Πληροφορίαι παρὰ τῷ κ. Κωνσταντίνῳ.

Ἐνοικιάζεται εὐρύχωρον μαγαζεῖον ἐπὶ τῆς Πλατείας Κολοκοτρώνη 10 πλησίον τῆς Βουλῆς ἀντὶ 140 δρ. μηνιαίως. Δεκτὴ παντὸς εἴδους πρότασις. Πληροφορίαι παρὰ τῷ ἰδιοκτήτῃ.

Ἐνοικιάζεται τὸ δεύτερον πάτωμα τῆς οἰκίας ἐπὶ τῆς ὁδοῦ Ἀχαρνῶν 25 ἀποτελούμενον ἐκ 5 δωματίων, κουζίνας κλπ. Πληροφορίαι παρὰ τῷ κ. Χαρίλ. Καλτσᾷ ἐν τῷ ἐνοικιαζομένῳ.

Ἐνοικιάζεται τὸ κάτω πάτωμα ἐκ 5 δωματίων τῆς γωνίας Ἀχαρνῶν-Μακεδονίας. Πληροφορίαι παρὰ τῷ ἰδιοκτήτῃ κ. Γ. Τυπάλδῳ.

Ἐνοικιάζεται ἀπὸ τῆς πρώτης Σεπτεμβρίου ἡ οἰκία τῆς ὁδοῦ Σταδίου ἀποτελουμένη ἐκ τριῶν δωματίων μετὰ κουζίνας. Πληροφορίαι παρὰ τῷ κ. Γ. Α. Ρακτίδῃ.

ΕΝΟΙΚΙΑΖΟΝΤΑΙ

ΕΝΟΙΚΙΑΖΟΝΤΑΙ 4 δωμάτια μετὰ κουζίνας καὶ ἀποθήκης, πλησίον τοῦ Ζαππείου. Ὁδὸς Δημητρίου Σούτσου ἀριθ. 47. Πληροφορίαι παρ' ἡμῖν.

Ἐνοικιάζεται ἀπὸ 1ης Σεπτεμβρίου ἐν Νέῳ Φαλήρῳ οἰκία ἐπὶ τῆς ὁδοῦ Δημ. Φαλήρου ὡς ἀριθ. 21 καὶ 23. Πληροφορίαι παρὰ τῷ κ. Χ. Δημητρίου, Ἀθῆναι, Σταυρὰγια 40.

Μονοκατοικία ἐν ὁδῷ Ἡπίτου ἀρ. 6 ἔχουσα 5 δωμάτια, λουτρὸν, κήπον καὶ πάσας τὰς ἀνέσεις. Πληροφορίαι παρὰ τῷ ἰδιοκτήτῃ.

ΣΤΟΥ ΓΕΩΡΓΙΑΔΟΥ
ΚΑΙ ΔΗΜΟΥΛΗ
Ὁδὸς Αἰόλου 51—Ἔναντι Ἁγίας Εἰρήνης
ΠΩΛΟΥΝΤΑΙ ΧΑΣΕΔΕΣ ΠΩΛΟΥΝΤΑΙ
Ὀ σῆτος λεπ.20	Ὀ σῆτος λεπ.20
Διὰ Φόρεμα
Ἐνδύματα
Χάρτας
Σεντονόπανα
Φανελλοπάνα
Ἐσώρρουχα παῖδων
Περιτυλίγματα
Ταχυδρ. δέματα
ΤΑ ΣΥΦΙΛΙΔΙΚΑ
ΝΟΣΗΜΑΤΑ
ΑΝΔΡΩΝ ΚΑΙ ΓΥΝΑΙΚΩΝ

Βλεννόρροια, σύφιλις καὶ τὰς ἐπιπλοκὰς αὐτῶν. ΤΑ ΝΟΣΗΜΑΤΑ ΤΩΝ ΓΕΝΝΗΤΙΚΩΝ ΟΡΓΑΝΩΝ. Ἀνικανότης, ἀκράτεια τῶν οὔρων κλπ. ΤΑ ΔΕΡΜΑΤΙΚΑ. Ἐκζέματα, λειχῆνες, ἔρπητες, ψωρίασις κλπ. Θεραπεύονται ταχέως καὶ ἀσφαλῶς διὰ τῶν νεωτάτων μεθόδων.

ΣΠΥΡ. Π. ΚΩΣΤΑΚΗΣ

Διδάκτωρ τῶν Πανεπιστημίων ἐξασκήσας ἐπὶ μακρὸν ἐν ταῖς κλινικαῖς ΠΑΡΙΣΙΩΝ, ΒΙΕΝΝΗΣ καὶ ΛΟΝΔΙΝΟΥ. Ἀκρα ἐχεμύθεια καὶ ἀνταπόκρισις. Ὧραι ἐπισκέψεων 9—11 π.μ. καὶ 4—6 μ.μ.

Ὁδὸς Ἁγίου Κωνσταντίνου 3
ΔΙΑ ΤΑΣ ΚΥΡΙΑΣ ΙΔΙΑΙΤΕΡΑ ΑΙΘΟΥΣΑ
ΤΟ ΚΑΤΑΣΤΗΜΑ
ΑΘΑΝΑΣΟΠΟΥΛΟΥ & ΤΖΟΝΑΚΑ
20—ΟΔΟΣ ΣΤΑΔΙΟΥ—20

Ἐκτίθησι πλήρη συλλογὴν λαμπῶν ἀνεμοκλινῶν καὶ γραμματειακῶν, ὑδροβολῶν κουζίνας, σερβίτσια ἀργυρᾶ καὶ πορσελάνης. Τιμαὶ ὡρισμέναι.

20—Σταδίου—20

Πωλεῖται χάρτης ἡ παλαιὰ ἐφημερίδων εἰς τιμὰς εὐθυνοτάτας. Πληροφορίαι παρὰ τῷ κ. Ἀγγέλῳ Κουτσομάρη καφεπώλῃ ἐν τῇ ὁδῷ Ἑρμοῦ 7.
